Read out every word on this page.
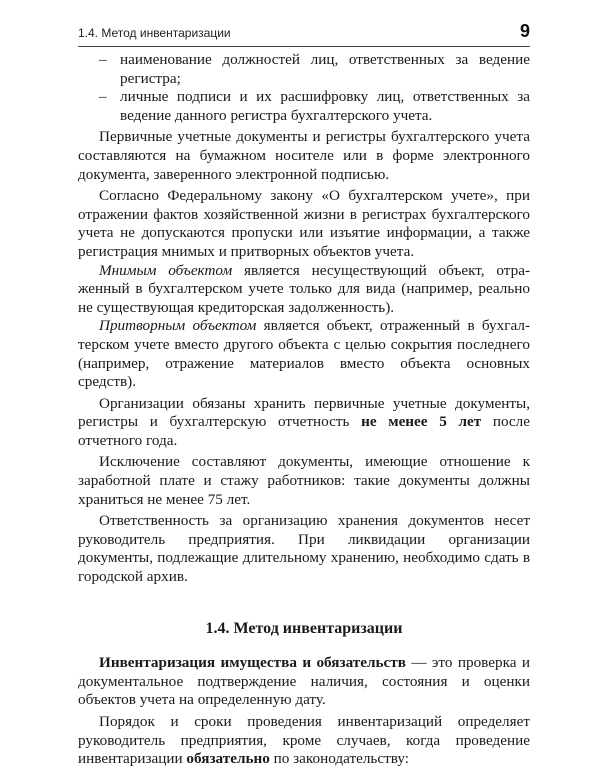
1.4. Метод инвентаризации	9

– наименование должностей лиц, ответственных за ведение регистра;

– личные подписи и их расшифровку лиц, ответственных за ведение данного регистра бухгалтерского учета.

Первичные учетные документы и регистры бухгалтерского учета составляются на бумажном носителе или в форме электронного документа, заверенного электронной подписью.

Согласно Федеральному закону «О бухгалтерском учете», при отражении фактов хозяйственной жизни в регистрах бухгалтерского учета не допускаются пропуски или изъятие информации, а также регистрация мнимых и притворных объектов учета.

Мнимым объектом является несуществующий объект, отраженный в бухгалтерском учете только для вида (например, реально не существующая кредиторская задолженность).

Притворным объектом является объект, отраженный в бухгалтерском учете вместо другого объекта с целью сокрытия последнего (например, отражение материалов вместо объекта основных средств).

Организации обязаны хранить первичные учетные документы, регистры и бухгалтерскую отчетность не менее 5 лет после отчетного года.

Исключение составляют документы, имеющие отношение к заработной плате и стажу работников: такие документы должны храниться не менее 75 лет.

Ответственность за организацию хранения документов несет руководитель предприятия. При ликвидации организации документы, подлежащие длительному хранению, необходимо сдать в городской архив.

1.4. Метод инвентаризации

Инвентаризация имущества и обязательств — это проверка и документальное подтверждение наличия, состояния и оценки объектов учета на определенную дату.

Порядок и сроки проведения инвентаризаций определяет руководитель предприятия, кроме случаев, когда проведение инвентаризации обязательно по законодательству:
